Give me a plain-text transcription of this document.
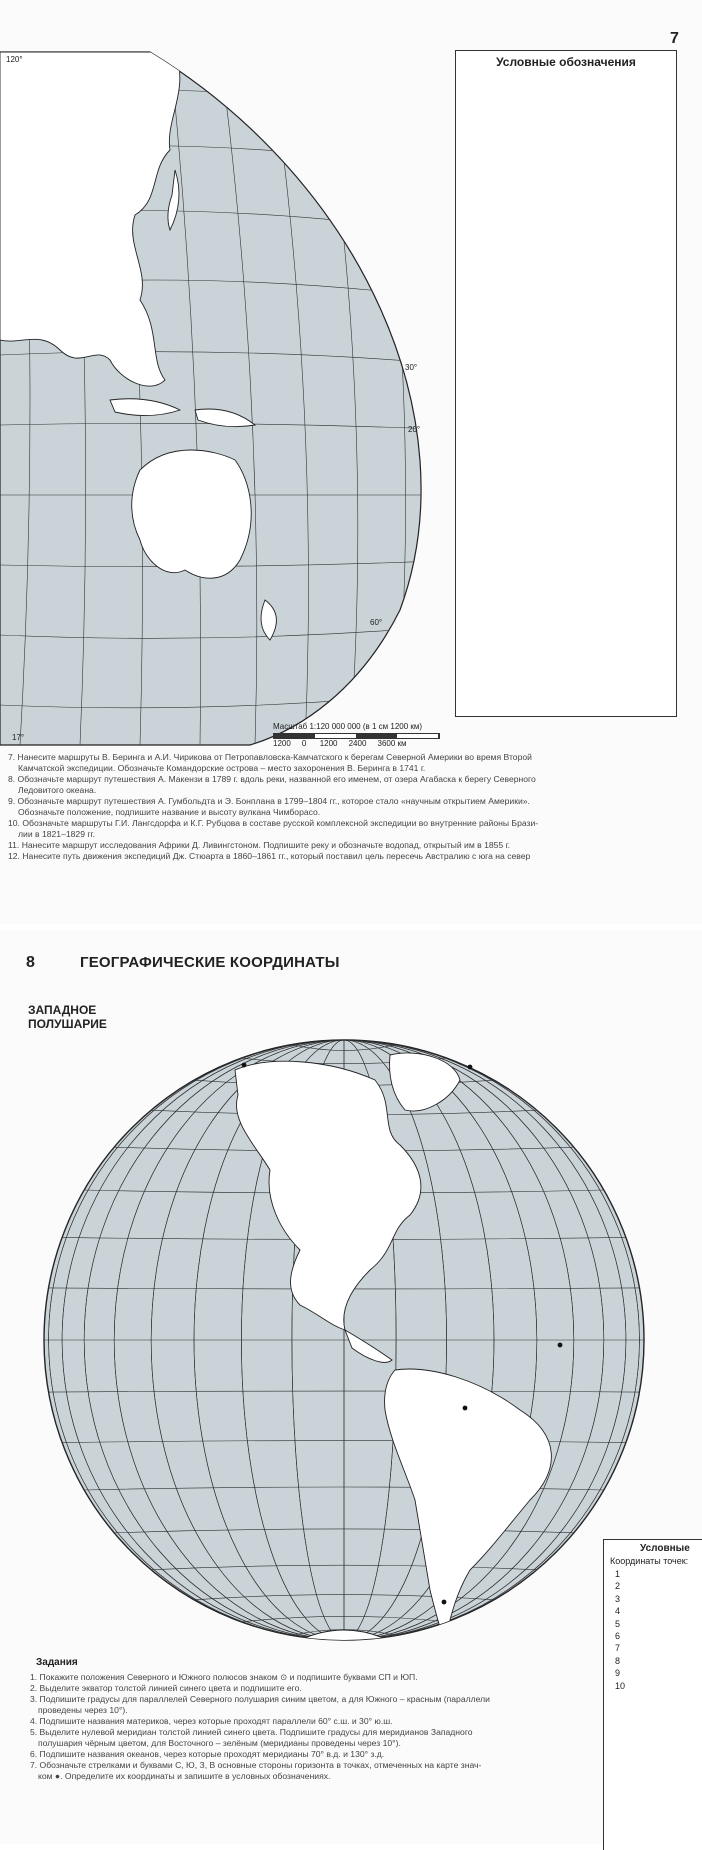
120°
17°
30°
20°
60°
7
Условные обозначения
Масштаб 1:120 000 000 (в 1 см 1200 км)
1200     0      1200     2400     3600 км
7. Нанесите маршруты В. Беринга и А.И. Чирикова от Петропавловска-Камчатского к берегам Северной Америки во время Второй
Камчатской экспедиции. Обозначьте Командорские острова – место захоронения В. Беринга в 1741 г.
8. Обозначьте маршрут путешествия А. Макензи в 1789 г. вдоль реки, названной его именем, от озера Агабаска к берегу Северного
Ледовитого океана.
9. Обозначьте маршрут путешествия А. Гумбольдта и Э. Бонплана в 1799–1804 гг., которое стало «научным открытием Америки».
Обозначьте положение, подпишите название и высоту вулкана Чимборасо.
10. Обозначьте маршруты Г.И. Лангсдорфа и К.Г. Рубцова в составе русской комплексной экспедиции во внутренние районы Брази-
лии в 1821–1829 гг.
11. Нанесите маршрут исследования Африки Д. Ливингстоном. Подпишите реку и обозначьте водопад, открытый им в 1855 г.
12. Нанесите путь движения экспедиций Дж. Стюарта в 1860–1861 гг., который поставил цель пересечь Австралию с юга на север
8	ГЕОГРАФИЧЕСКИЕ КООРДИНАТЫ
ЗАПАДНОЕ
ПОЛУШАРИЕ
Условные
Координаты точек:
1
2
3
4
5
6
7
8
9
10
Задания
1. Покажите положения Северного и Южного полюсов знаком ⊙ и подпишите буквами СП и ЮП.
2. Выделите экватор толстой линией синего цвета и подпишите его.
3. Подпишите градусы для параллелей Северного полушария синим цветом, а для Южного – красным (параллели
проведены через 10°).
4. Подпишите названия материков, через которые проходят параллели 60° с.ш. и 30° ю.ш.
5. Выделите нулевой меридиан толстой линией синего цвета. Подпишите градусы для меридианов Западного
полушария чёрным цветом, для Восточного – зелёным (меридианы проведены через 10°).
6. Подпишите названия океанов, через которые проходят меридианы 70° в.д. и 130° з.д.
7. Обозначьте стрелками и буквами С, Ю, З, В основные стороны горизонта в точках, отмеченных на карте знач-
ком ●. Определите их координаты и запишите в условных обозначениях.
